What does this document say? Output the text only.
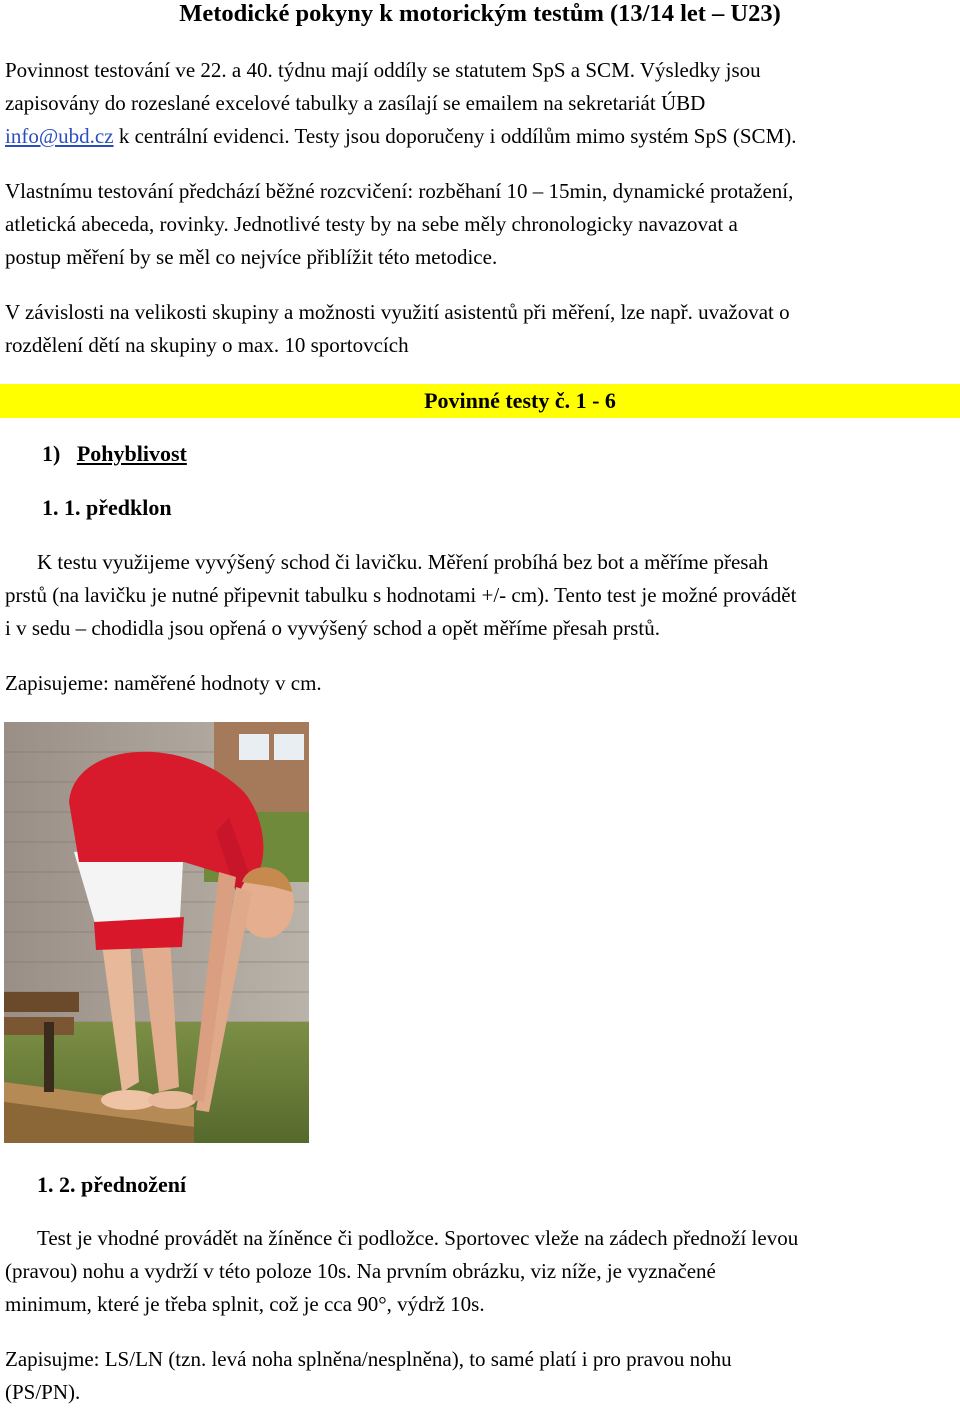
Metodické pokyny k motorickým testům (13/14 let – U23)

Povinnost testování ve 22. a 40. týdnu mají oddíly se statutem SpS a SCM. Výsledky jsou

zapisovány do rozeslané excelové tabulky a zasílají se emailem na sekretariát ÚBD

info@ubd.cz k centrální evidenci. Testy jsou doporučeny i oddílům mimo systém SpS (SCM).

Vlastnímu testování předchází běžné rozcvičení: rozběhaní 10 – 15min, dynamické protažení,

atletická abeceda, rovinky. Jednotlivé testy by na sebe měly chronologicky navazovat a

postup měření by se měl co nejvíce přiblížit této metodice.

V závislosti na velikosti skupiny a možnosti využití asistentů při měření, lze např. uvažovat o

rozdělení dětí na skupiny o max. 10 sportovcích

Povinné testy č. 1 - 6

1) Pohyblivost

1. 1. předklon

K testu využijeme vyvýšený schod či lavičku. Měření probíhá bez bot a měříme přesah

prstů (na lavičku je nutné připevnit tabulku s hodnotami +/- cm). Tento test je možné provádět

i v sedu – chodidla jsou opřená o vyvýšený schod a opět měříme přesah prstů.

Zapisujeme: naměřené hodnoty v cm.

1. 2. přednožení

Test je vhodné provádět na žíněnce či podložce. Sportovec vleže na zádech přednoží levou

(pravou) nohu a vydrží v této poloze 10s. Na prvním obrázku, viz níže, je vyznačené

minimum, které je třeba splnit, což je cca 90°, výdrž 10s.

Zapisujme: LS/LN (tzn. levá noha splněna/nesplněna), to samé platí i pro pravou nohu

(PS/PN).
